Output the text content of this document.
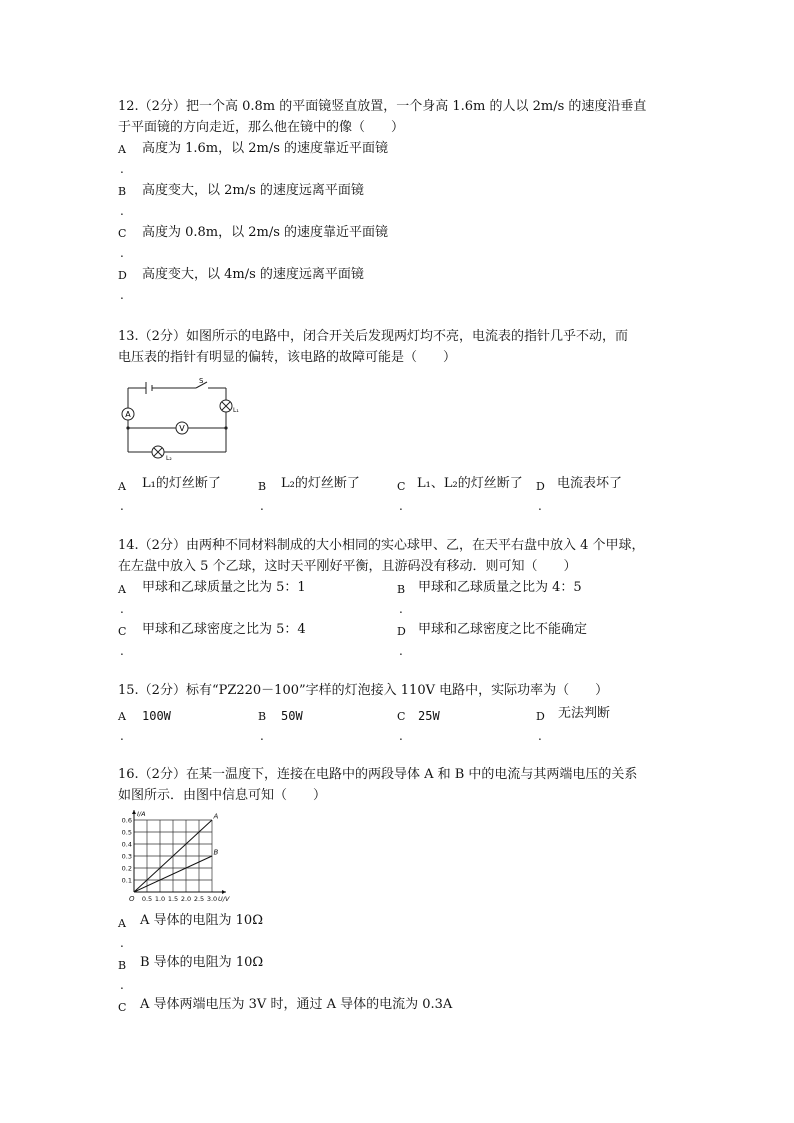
12.（2分）把一个高 0.8m 的平面镜竖直放置，一个身高 1.6m 的人以 2m/s 的速度沿垂直
于平面镜的方向走近，那么他在镜中的像（　　）
A 高度为 1.6m，以 2m/s 的速度靠近平面镜
.
B 高度变大，以 2m/s 的速度远离平面镜
.
C 高度为 0.8m，以 2m/s 的速度靠近平面镜
.
D 高度变大，以 4m/s 的速度远离平面镜
.
13.（2分）如图所示的电路中，闭合开关后发现两灯均不亮，电流表的指针几乎不动，而
电压表的指针有明显的偏转，该电路的故障可能是（　　）
A
V
S
L₁
L₂
A L₁的灯丝断了
.
B L₂的灯丝断了
.
C L₁、L₂的灯丝断了
.
D 电流表坏了
.
14.（2分）由两种不同材料制成的大小相同的实心球甲、乙，在天平右盘中放入 4 个甲球，
在左盘中放入 5 个乙球，这时天平刚好平衡，且游码没有移动．则可知（　　）
A 甲球和乙球质量之比为 5：1
.
B 甲球和乙球质量之比为 4：5
.
C 甲球和乙球密度之比为 5：4
.
D 甲球和乙球密度之比不能确定
.
15.（2分）标有“PZ220－100”字样的灯泡接入 110V 电路中，实际功率为（　　）
A 100W
.
B 50W
.
C 25W
.
D 无法判断
.
16.（2分）在某一温度下，连接在电路中的两段导体 A 和 B 中的电流与其两端电压的关系
如图所示．由图中信息可知（　　）
0.5 1.0 1.5 2.0 2.5 3.0
0.1
0.2
0.3
0.4
0.5
0.6
O	U/V
I/A	A
B
A A 导体的电阻为 10Ω
.
B B 导体的电阻为 10Ω
.
C A 导体两端电压为 3V 时，通过 A 导体的电流为 0.3A
